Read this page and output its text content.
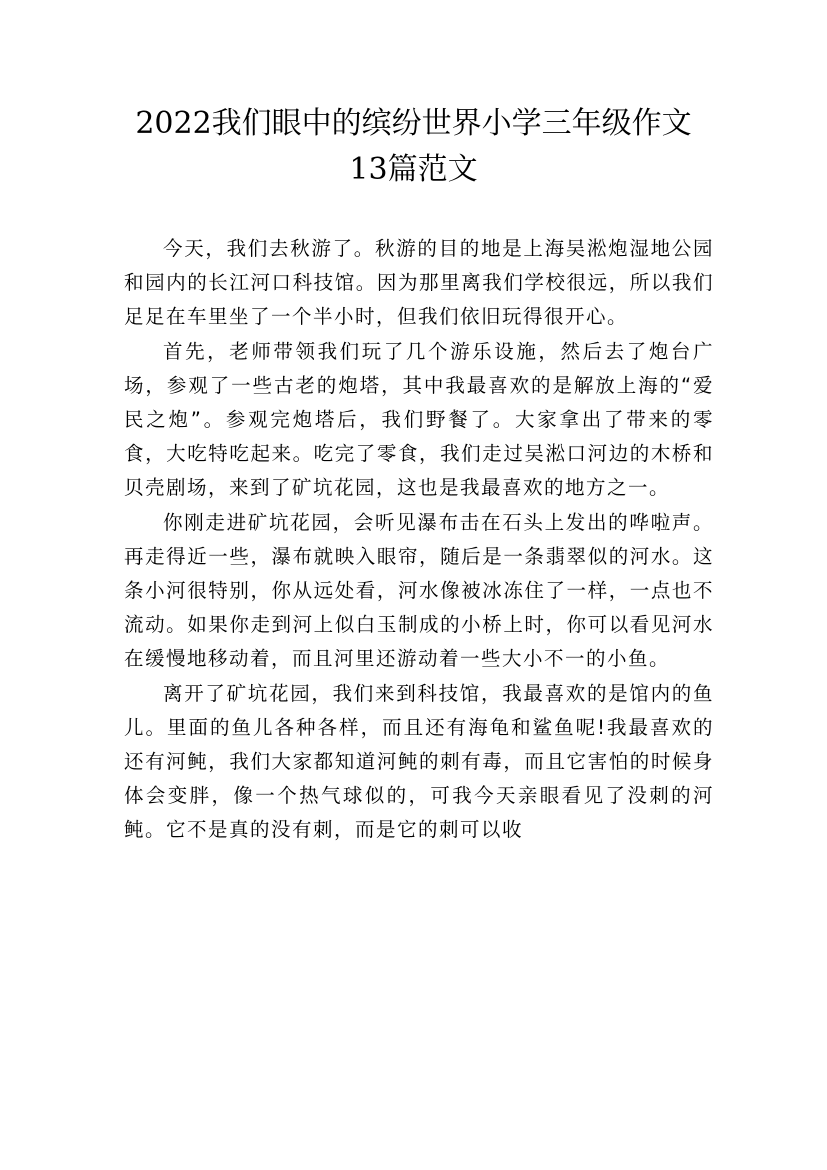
2022我们眼中的缤纷世界小学三年级作文
13篇范文

今天，我们去秋游了。秋游的目的地是上海吴淞炮湿地公园和园内的长江河口科技馆。因为那里离我们学校很远，所以我们足足在车里坐了一个半小时，但我们依旧玩得很开心。

首先，老师带领我们玩了几个游乐设施，然后去了炮台广场，参观了一些古老的炮塔，其中我最喜欢的是解放上海的“爱民之炮”。参观完炮塔后，我们野餐了。大家拿出了带来的零食，大吃特吃起来。吃完了零食，我们走过吴淞口河边的木桥和贝壳剧场，来到了矿坑花园，这也是我最喜欢的地方之一。

你刚走进矿坑花园，会听见瀑布击在石头上发出的哗啦声。再走得近一些，瀑布就映入眼帘，随后是一条翡翠似的河水。这条小河很特别，你从远处看，河水像被冰冻住了一样，一点也不流动。如果你走到河上似白玉制成的小桥上时，你可以看见河水在缓慢地移动着，而且河里还游动着一些大小不一的小鱼。

离开了矿坑花园，我们来到科技馆，我最喜欢的是馆内的鱼儿。里面的鱼儿各种各样，而且还有海龟和鲨鱼呢!我最喜欢的还有河鲀，我们大家都知道河鲀的刺有毒，而且它害怕的时候身体会变胖，像一个热气球似的，可我今天亲眼看见了没刺的河鲀。它不是真的没有刺，而是它的刺可以收
